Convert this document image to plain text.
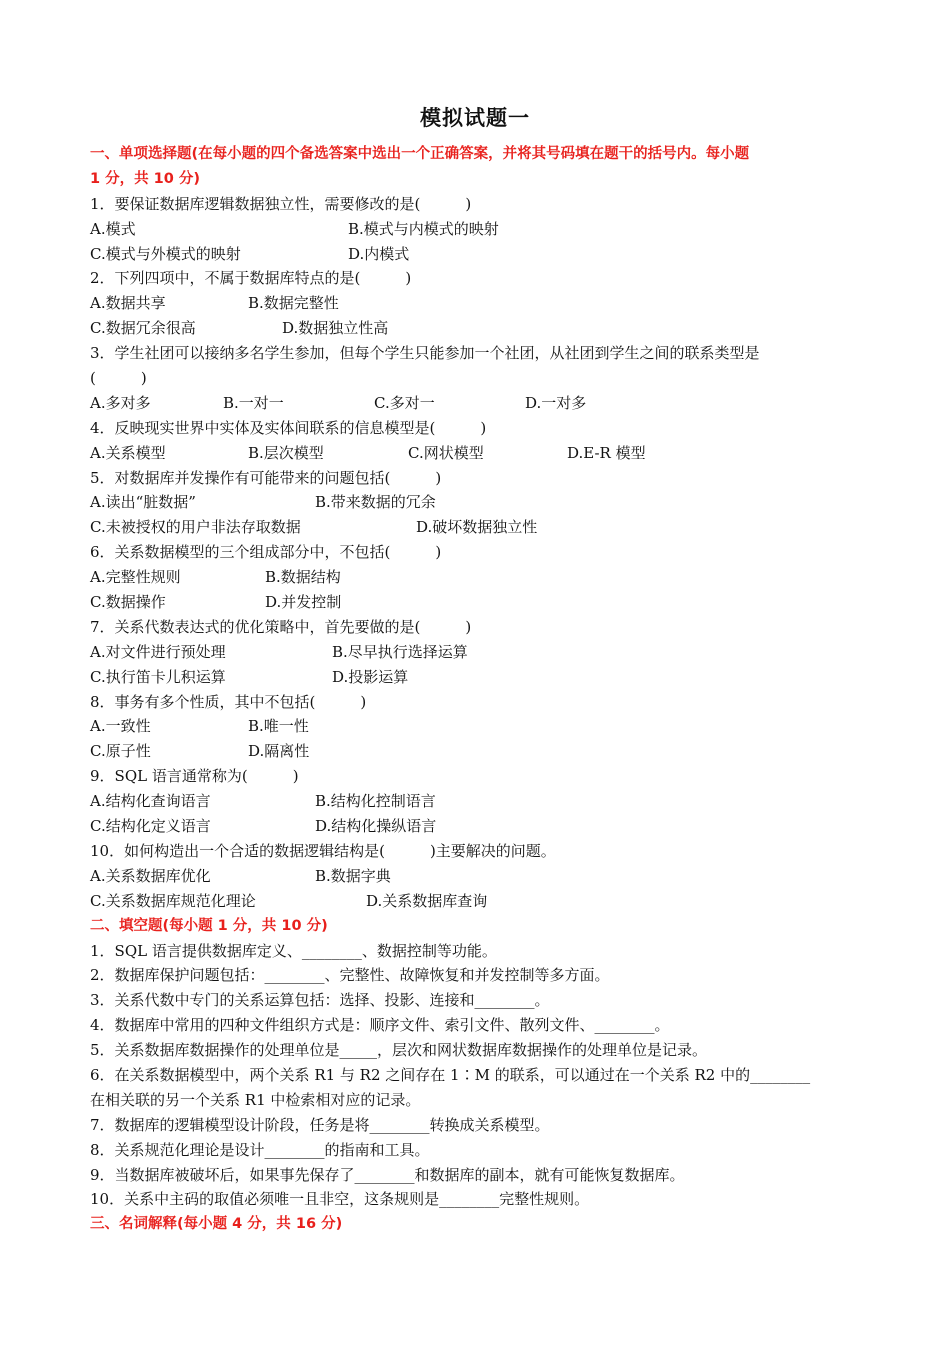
模拟试题一
一、单项选择题(在每小题的四个备选答案中选出一个正确答案，并将其号码填在题干的括号内。每小题
1 分，共 10 分)
1．要保证数据库逻辑数据独立性，需要修改的是(　　　)
A.模式	B.模式与内模式的映射
C.模式与外模式的映射	D.内模式
2．下列四项中，不属于数据库特点的是(　　　)
A.数据共享	B.数据完整性
C.数据冗余很高	D.数据独立性高
3．学生社团可以接纳多名学生参加，但每个学生只能参加一个社团，从社团到学生之间的联系类型是
(　　　)
A.多对多	B.一对一	C.多对一	D.一对多
4．反映现实世界中实体及实体间联系的信息模型是(　　　)
A.关系模型	B.层次模型	C.网状模型	D.E-R 模型
5．对数据库并发操作有可能带来的问题包括(　　　)
A.读出“脏数据”	B.带来数据的冗余
C.未被授权的用户非法存取数据	D.破坏数据独立性
6．关系数据模型的三个组成部分中，不包括(　　　)
A.完整性规则	B.数据结构
C.数据操作	D.并发控制
7．关系代数表达式的优化策略中，首先要做的是(　　　)
A.对文件进行预处理	B.尽早执行选择运算
C.执行笛卡儿积运算	D.投影运算
8．事务有多个性质，其中不包括(　　　)
A.一致性	B.唯一性
C.原子性	D.隔离性
9．SQL 语言通常称为(　　　)
A.结构化查询语言	B.结构化控制语言
C.结构化定义语言	D.结构化操纵语言
10．如何构造出一个合适的数据逻辑结构是(　　　)主要解决的问题。
A.关系数据库优化	B.数据字典
C.关系数据库规范化理论	D.关系数据库查询
二、填空题(每小题 1 分，共 10 分)
1．SQL 语言提供数据库定义、________、数据控制等功能。
2．数据库保护问题包括：________、完整性、故障恢复和并发控制等多方面。
3．关系代数中专门的关系运算包括：选择、投影、连接和________。
4．数据库中常用的四种文件组织方式是：顺序文件、索引文件、散列文件、________。
5．关系数据库数据操作的处理单位是_____，层次和网状数据库数据操作的处理单位是记录。
6．在关系数据模型中，两个关系 R1 与 R2 之间存在 1∶M 的联系，可以通过在一个关系 R2 中的________
在相关联的另一个关系 R1 中检索相对应的记录。
7．数据库的逻辑模型设计阶段，任务是将________转换成关系模型。
8．关系规范化理论是设计________的指南和工具。
9．当数据库被破坏后，如果事先保存了________和数据库的副本，就有可能恢复数据库。
10．关系中主码的取值必须唯一且非空，这条规则是________完整性规则。
三、名词解释(每小题 4 分，共 16 分)
